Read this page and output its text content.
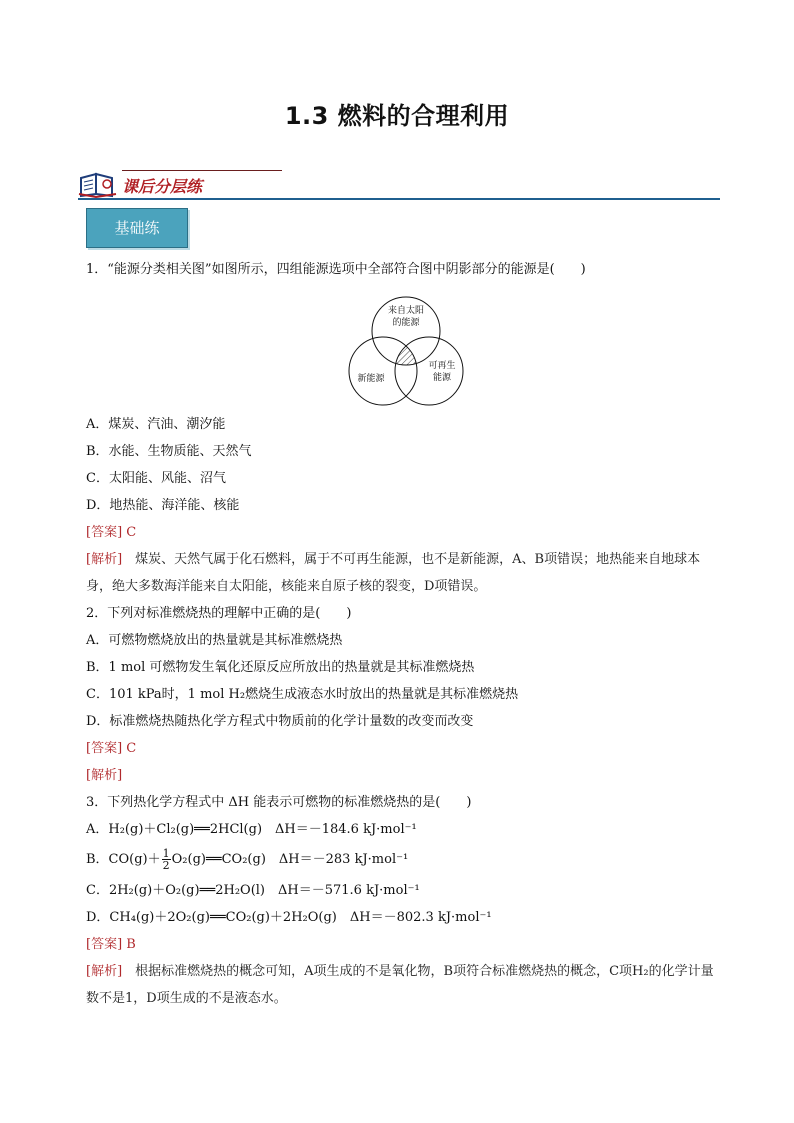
1.3 燃料的合理利用
课后分层练
基础练
1．“能源分类相关图”如图所示，四组能源选项中全部符合图中阴影部分的能源是(　　)
来自太阳
的能源
新能源
可再生
能源
A．煤炭、汽油、潮汐能
B．水能、生物质能、天然气
C．太阳能、风能、沼气
D．地热能、海洋能、核能
[答案] C
[解析]　煤炭、天然气属于化石燃料，属于不可再生能源，也不是新能源，A、B项错误；地热能来自地球本身，绝大多数海洋能来自太阳能，核能来自原子核的裂变，D项错误。
2．下列对标准燃烧热的理解中正确的是(　　)
A．可燃物燃烧放出的热量就是其标准燃烧热
B．1 mol 可燃物发生氧化还原反应所放出的热量就是其标准燃烧热
C．101 kPa时，1 mol H₂燃烧生成液态水时放出的热量就是其标准燃烧热
D．标准燃烧热随热化学方程式中物质前的化学计量数的改变而改变
[答案] C
[解析]
3．下列热化学方程式中 ΔH 能表示可燃物的标准燃烧热的是(　　)
A．H₂(g)＋Cl₂(g)══2HCl(g)　ΔH＝－184.6 kJ·mol⁻¹
B．$CO(g)+ \frac{1}{2}$ O₂(g)══CO₂(g)　ΔH＝－283 kJ·mol⁻¹
C．2H₂(g)＋O₂(g)══2H₂O(l)　ΔH＝－571.6 kJ·mol⁻¹
D．CH₄(g)＋2O₂(g)══CO₂(g)＋2H₂O(g)　ΔH＝－802.3 kJ·mol⁻¹
[答案] B
[解析]　根据标准燃烧热的概念可知，A项生成的不是氧化物，B项符合标准燃烧热的概念，C项H₂的化学计量数不是1，D项生成的不是液态水。
